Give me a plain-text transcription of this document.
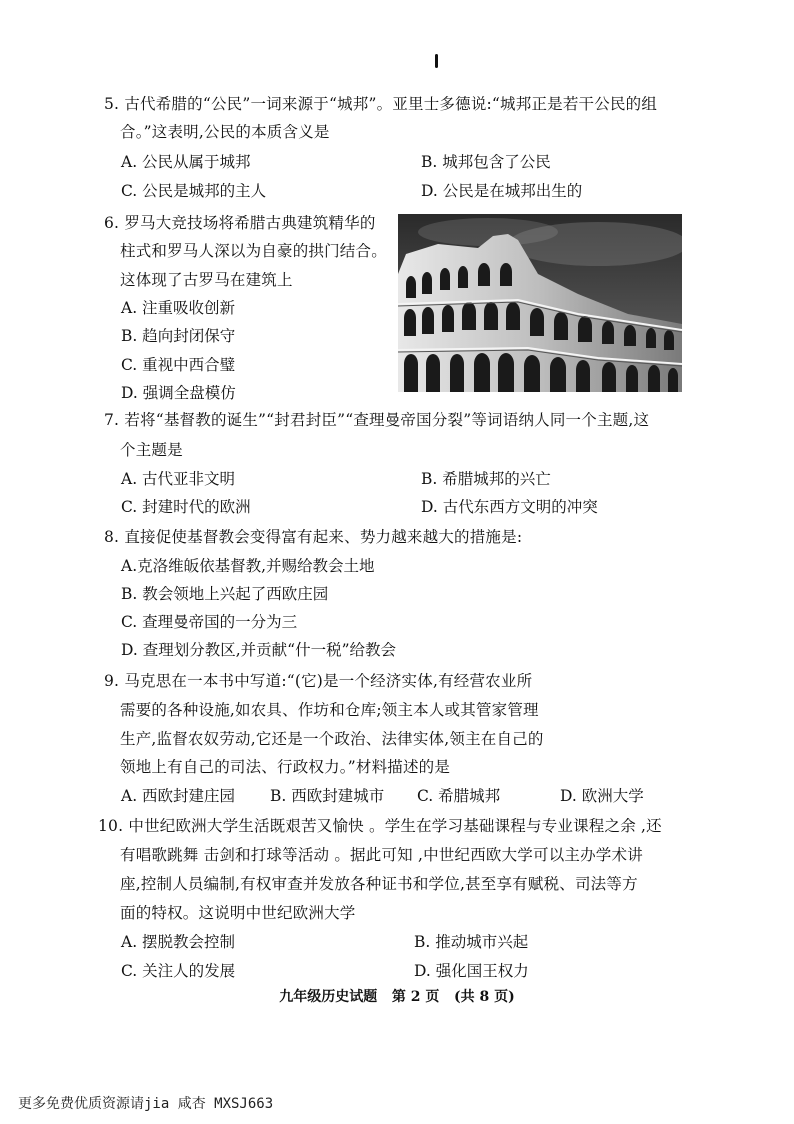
5. 古代希腊的“公民”一词来源于“城邦”。亚里士多德说:“城邦正是若干公民的组
合。”这表明,公民的本质含义是
A. 公民从属于城邦	B. 城邦包含了公民
C. 公民是城邦的主人	D. 公民是在城邦出生的
6. 罗马大竞技场将希腊古典建筑精华的
柱式和罗马人深以为自豪的拱门结合。
这体现了古罗马在建筑上
A. 注重吸收创新
B. 趋向封闭保守
C. 重视中西合璧
D. 强调全盘模仿
7. 若将“基督教的诞生”“封君封臣”“查理曼帝国分裂”等词语纳人同一个主题,这
个主题是
A. 古代亚非文明	B. 希腊城邦的兴亡
C. 封建时代的欧洲	D. 古代东西方文明的冲突
8. 直接促使基督教会变得富有起来、势力越来越大的措施是:
A.克洛维皈依基督教,并赐给教会土地
B. 教会领地上兴起了西欧庄园
C. 查理曼帝国的一分为三
D. 查理划分教区,并贡献“什一税”给教会
9. 马克思在一本书中写道:“(它)是一个经济实体,有经营农业所
需要的各种设施,如农具、作坊和仓库;领主本人或其管家管理
生产,监督农奴劳动,它还是一个政治、法律实体,领主在自己的
领地上有自己的司法、行政权力。”材料描述的是
A. 西欧封建庄园 B. 西欧封建城市 C. 希腊城邦	D. 欧洲大学
10. 中世纪欧洲大学生活既艰苦又愉快 。学生在学习基础课程与专业课程之余 ,还
有唱歌跳舞 击剑和打球等活动 。据此可知 ,中世纪西欧大学可以主办学术讲
座,控制人员编制,有权审查并发放各种证书和学位,甚至享有赋税、司法等方
面的特权。这说明中世纪欧洲大学
A. 摆脱教会控制	B. 推动城市兴起
C. 关注人的发展	D. 强化国王权力
九年级历史试题 第 2 页 (共 8 页)
更多免费优质资源请jia 咸杏 MXSJ663
